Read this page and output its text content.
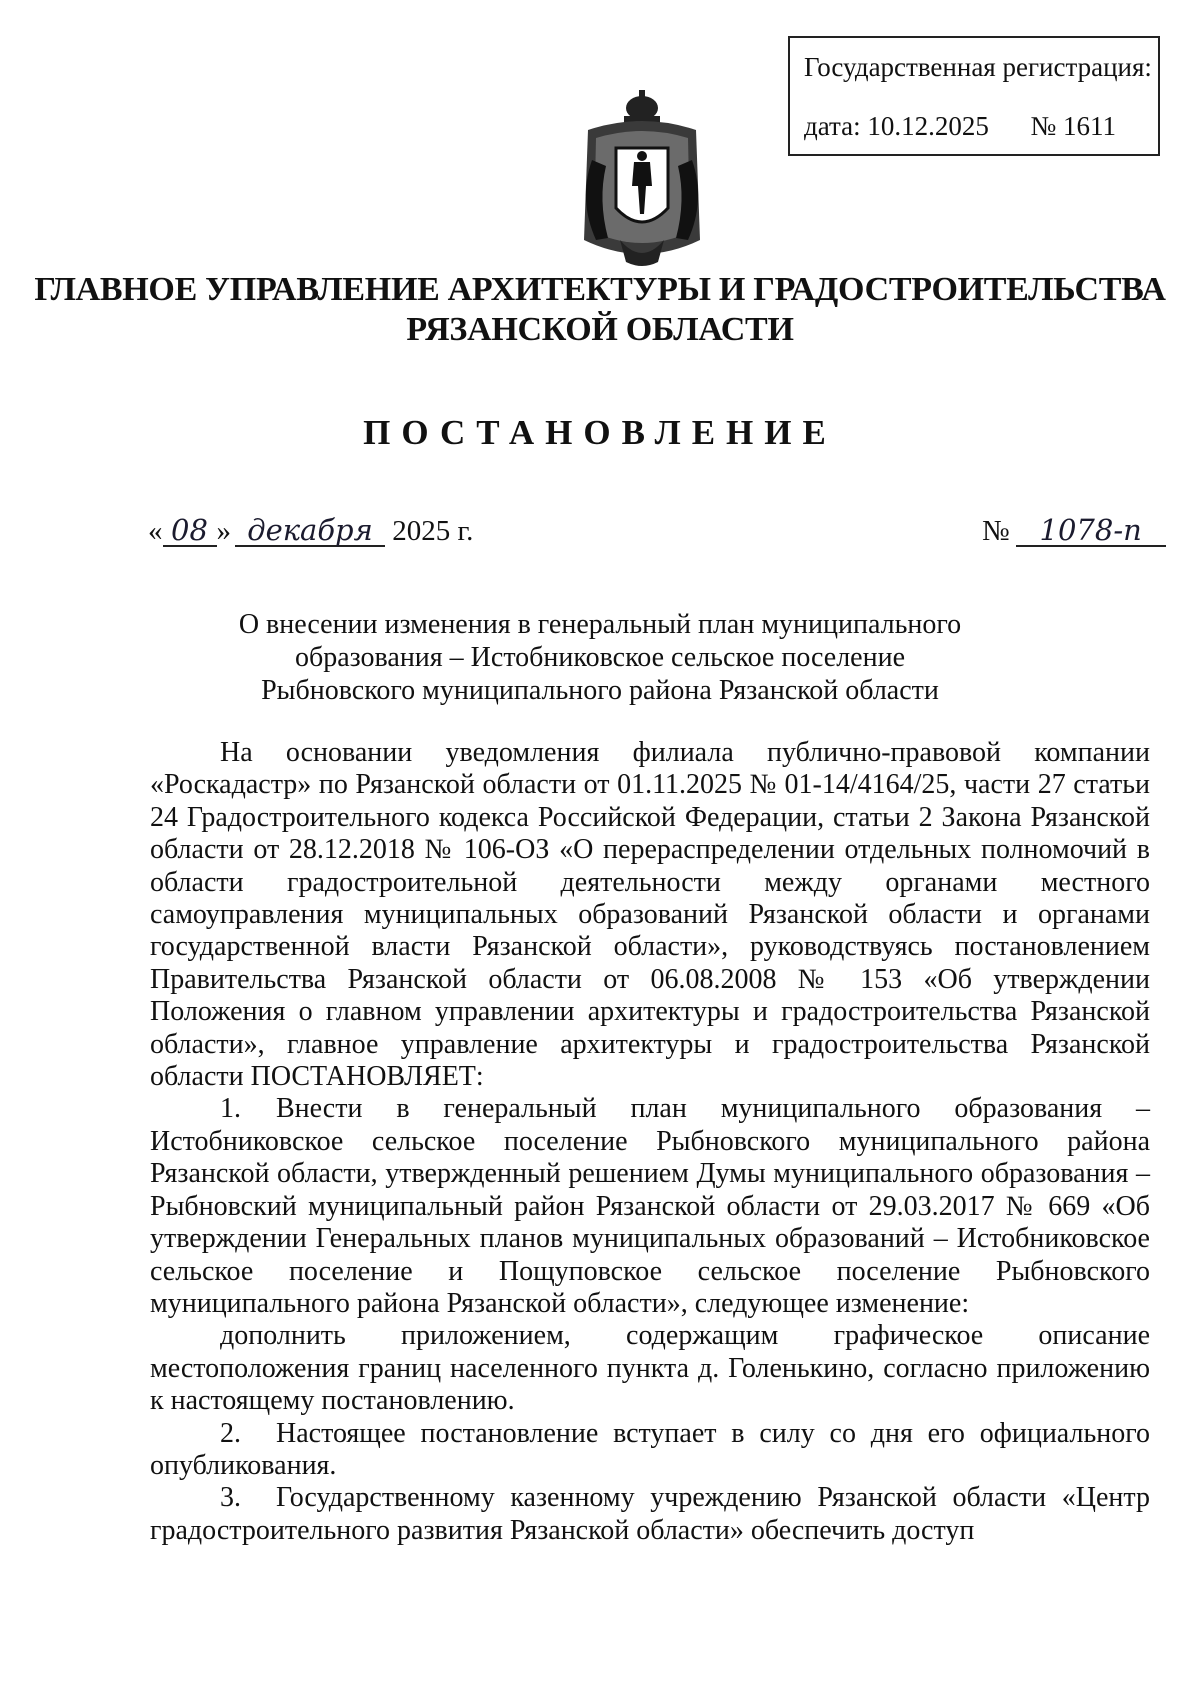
Государственная регистрация:
дата: 10.12.2025 № 1611
ГЛАВНОЕ УПРАВЛЕНИЕ АРХИТЕКТУРЫ И ГРАДОСТРОИТЕЛЬСТВА
РЯЗАНСКОЙ ОБЛАСТИ
ПОСТАНОВЛЕНИЕ
« 08 » декабря 2025 г.	№ 1078-п
О внесении изменения в генеральный план муниципального
образования – Истобниковское сельское поселение
Рыбновского муниципального района Рязанской области

На основании уведомления филиала публично-правовой компании «Роскадастр» по Рязанской области от 01.11.2025 № 01-14/4164/25, части 27 статьи 24 Градостроительного кодекса Российской Федерации, статьи 2 Закона Рязанской области от 28.12.2018 № 106-ОЗ «О перераспределении отдельных полномочий в области градостроительной деятельности между органами местного самоуправления муниципальных образований Рязанской области и органами государственной власти Рязанской области», руководствуясь постановлением Правительства Рязанской области от 06.08.2008 № 153 «Об утверждении Положения о главном управлении архитектуры и градостроительства Рязанской области», главное управление архитектуры и градостроительства Рязанской области ПОСТАНОВЛЯЕТ:

1. Внести в генеральный план муниципального образования – Истобниковское сельское поселение Рыбновского муниципального района Рязанской области, утвержденный решением Думы муниципального образования – Рыбновский муниципальный район Рязанской области от 29.03.2017 № 669 «Об утверждении Генеральных планов муниципальных образований – Истобниковское сельское поселение и Пощуповское сельское поселение Рыбновского муниципального района Рязанской области», следующее изменение:

дополнить приложением, содержащим графическое описание местоположения границ населенного пункта д. Голенькино, согласно приложению к настоящему постановлению.

2. Настоящее постановление вступает в силу со дня его официального опубликования.

3. Государственному казенному учреждению Рязанской области «Центр градостроительного развития Рязанской области» обеспечить доступ
